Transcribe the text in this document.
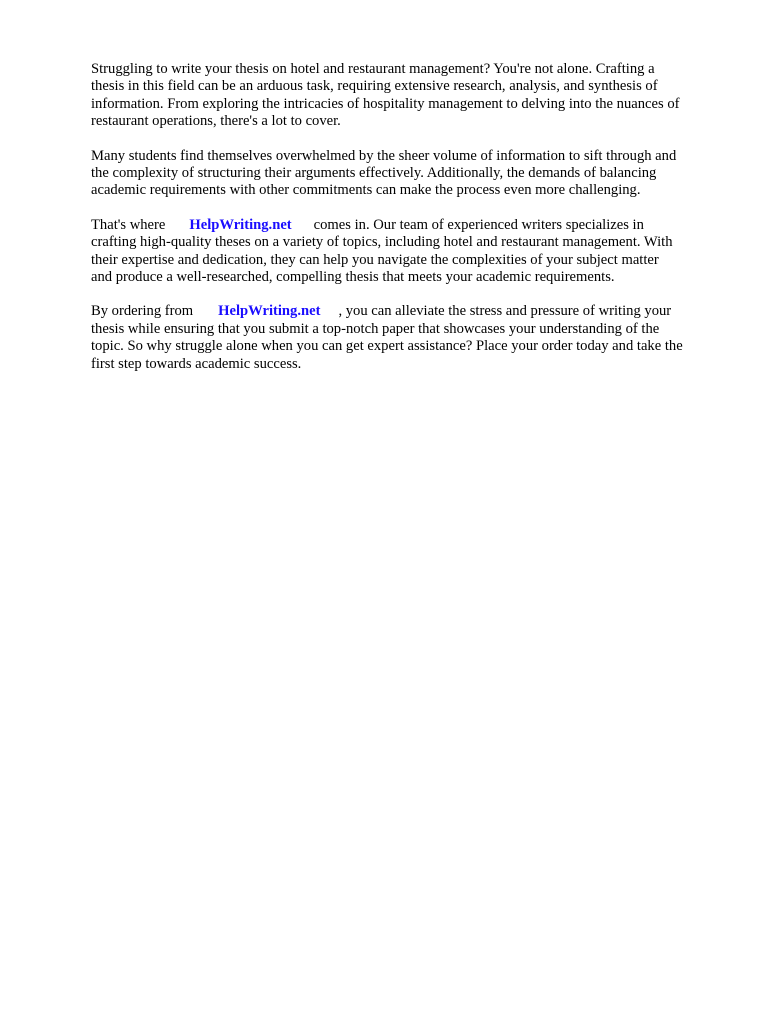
Struggling to write your thesis on hotel and restaurant management? You're not alone. Crafting a
thesis in this field can be an arduous task, requiring extensive research, analysis, and synthesis of
information. From exploring the intricacies of hospitality management to delving into the nuances of
restaurant operations, there's a lot to cover.

Many students find themselves overwhelmed by the sheer volume of information to sift through and
the complexity of structuring their arguments effectively. Additionally, the demands of balancing
academic requirements with other commitments can make the process even more challenging.

That's where HelpWriting.net comes in. Our team of experienced writers specializes in
crafting high-quality theses on a variety of topics, including hotel and restaurant management. With
their expertise and dedication, they can help you navigate the complexities of your subject matter
and produce a well-researched, compelling thesis that meets your academic requirements.

By ordering from HelpWriting.net , you can alleviate the stress and pressure of writing your
thesis while ensuring that you submit a top-notch paper that showcases your understanding of the
topic. So why struggle alone when you can get expert assistance? Place your order today and take the
first step towards academic success.
